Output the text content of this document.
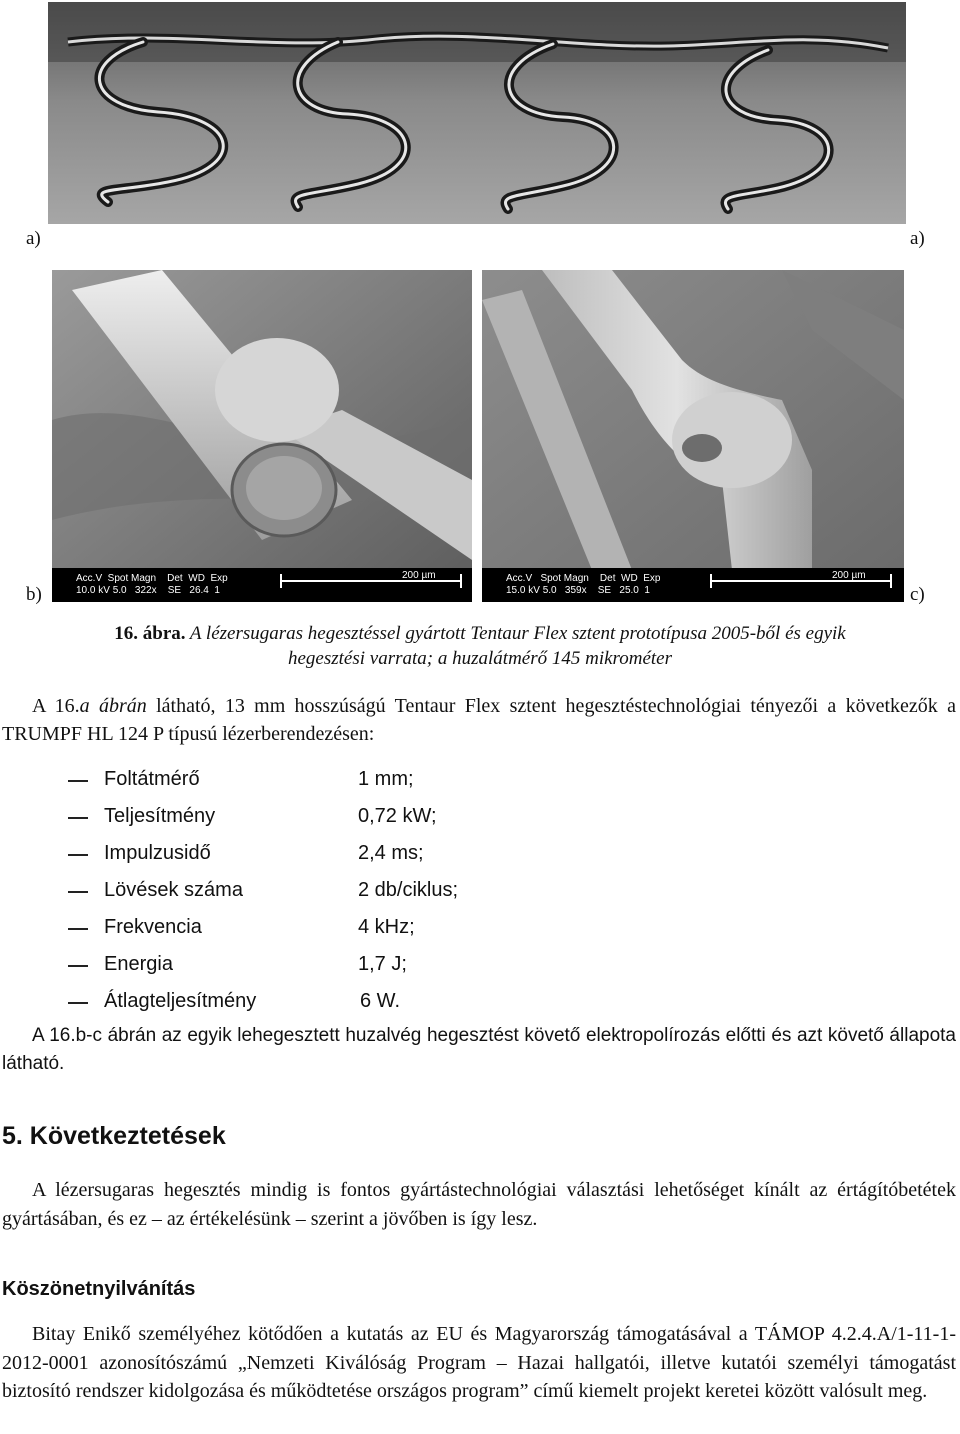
a)	a)
Acc.V  Spot Magn    Det  WD  Exp
10.0 kV 5.0   322x    SE   26.4  1
200 µm
b)
Acc.V   Spot Magn    Det  WD  Exp
15.0 kV 5.0   359x    SE   25.0  1
200 µm
c)
16. ábra. A lézersugaras hegesztéssel gyártott Tentaur Flex sztent prototípusa 2005-ből és egyik
hegesztési varrata; a huzalátmérő 145 mikrométer

A 16.a ábrán látható, 13 mm hosszúságú Tentaur Flex sztent hegesztéstechnológiai tényezői a következők a TRUMPF HL 124 P típusú lézerberendezésen:

Foltátmérő	1 mm;
Teljesítmény	0,72 kW;
Impulzusidő	2,4 ms;
Lövések száma	2 db/ciklus;
Frekvencia	4 kHz;
Energia	1,7 J;
Átlagteljesítmény	6 W.

A 16.b-c ábrán az egyik lehegesztett huzalvég hegesztést követő elektropolírozás előtti és azt követő állapota látható.

5. Következtetések

A lézersugaras hegesztés mindig is fontos gyártástechnológiai választási lehetőséget kínált az értágítóbetétek gyártásában, és ez – az értékelésünk – szerint a jövőben is így lesz.

Köszönetnyilvánítás

Bitay Enikő személyéhez kötődően a kutatás az EU és Magyarország támogatásával a TÁMOP 4.2.4.A/1-11-1-2012-0001 azonosítószámú „Nemzeti Kiválóság Program – Hazai hallgatói, illetve kutatói személyi támogatást biztosító rendszer kidolgozása és működtetése országos program” című kiemelt projekt keretei között valósult meg.
